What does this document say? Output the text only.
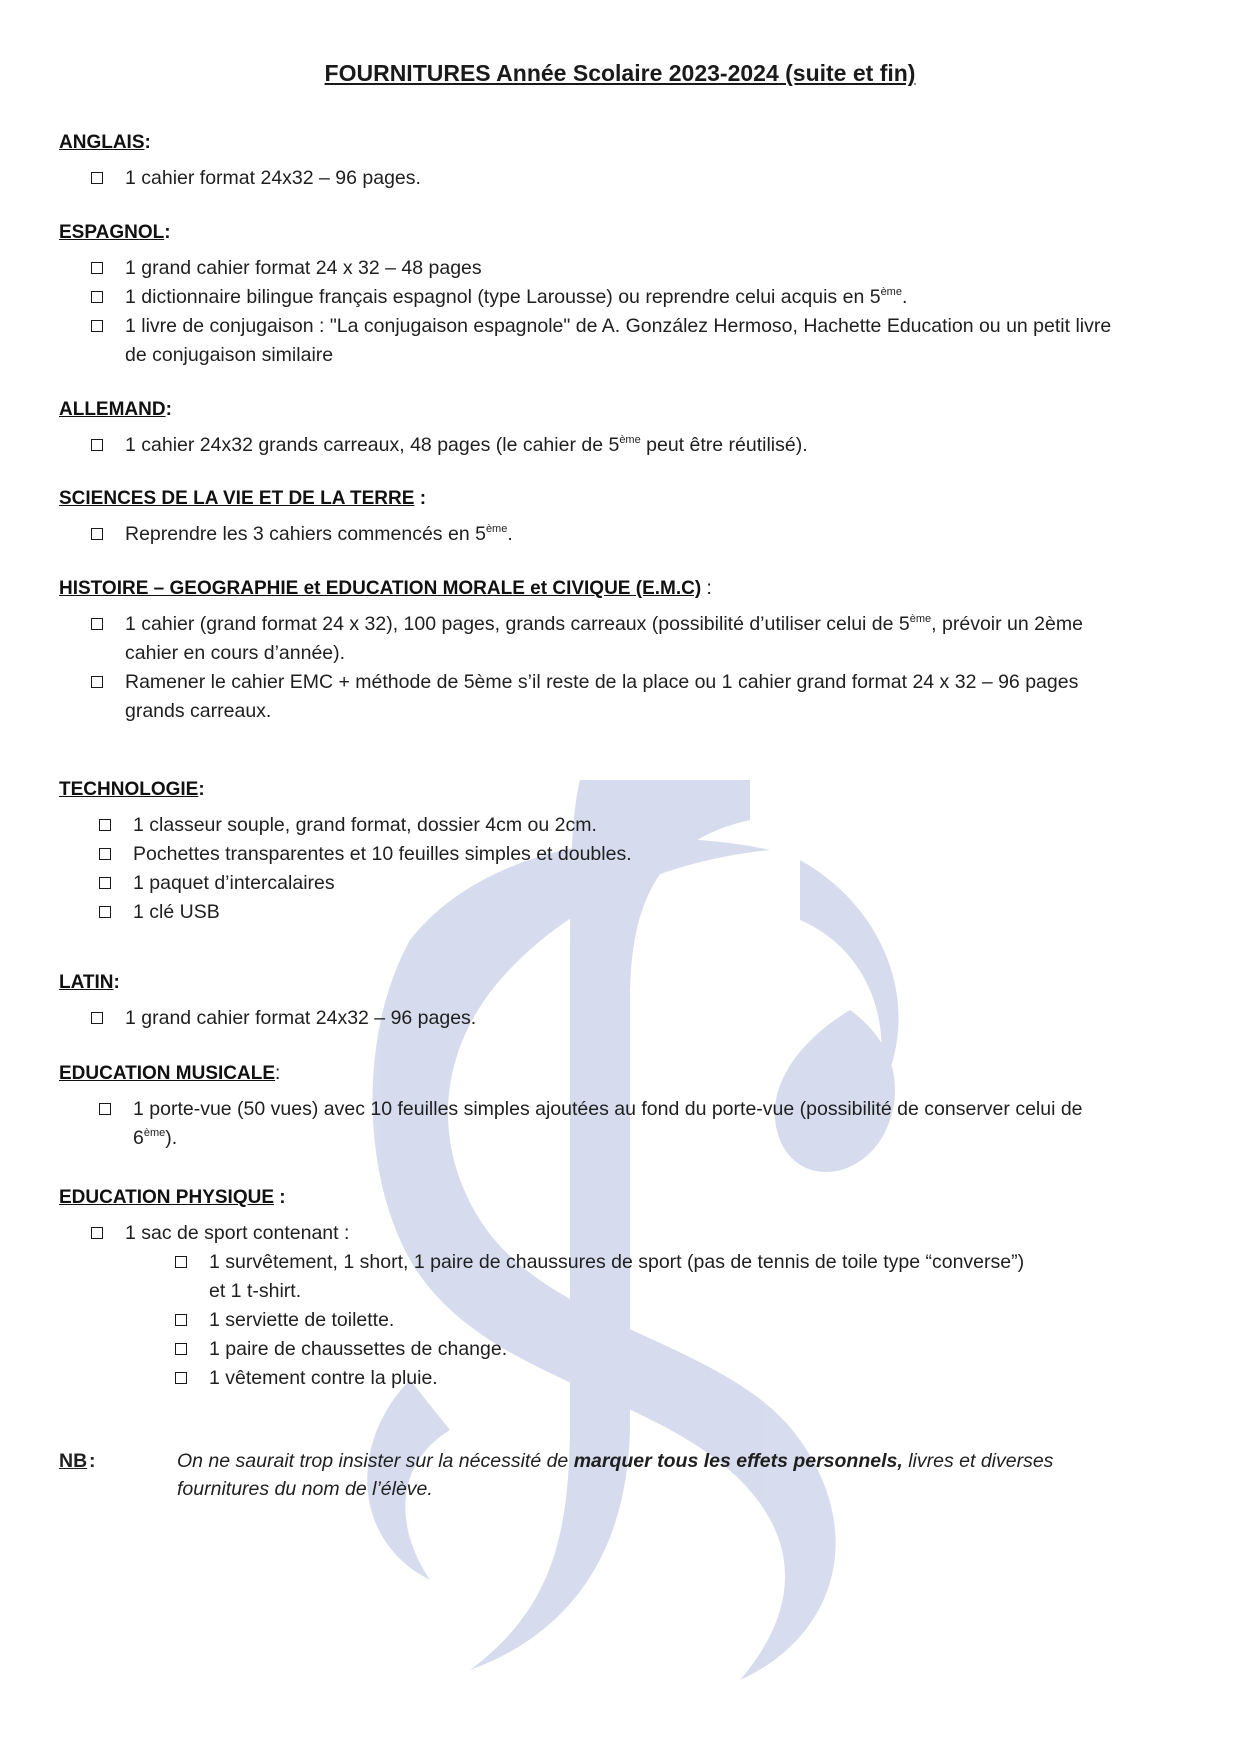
FOURNITURES Année Scolaire 2023-2024 (suite et fin)
ANGLAIS:
1 cahier format 24x32 – 96 pages.
ESPAGNOL:
1 grand cahier format 24 x 32 – 48 pages
1 dictionnaire bilingue français espagnol (type Larousse) ou reprendre celui acquis en 5ème.
1 livre de conjugaison : "La conjugaison espagnole" de A. González Hermoso, Hachette Education ou un petit livre
de conjugaison similaire
ALLEMAND:
1 cahier 24x32 grands carreaux, 48 pages (le cahier de 5ème peut être réutilisé).
SCIENCES DE LA VIE ET DE LA TERRE :
Reprendre les 3 cahiers commencés en 5ème.
HISTOIRE – GEOGRAPHIE et EDUCATION MORALE et CIVIQUE (E.M.C) :
1 cahier (grand format 24 x 32), 100 pages, grands carreaux (possibilité d’utiliser celui de 5ème, prévoir un 2ème
cahier en cours d’année).
Ramener le cahier EMC + méthode de 5ème s’il reste de la place ou 1 cahier grand format 24 x 32 – 96 pages
grands carreaux.
TECHNOLOGIE:
1 classeur souple, grand format, dossier 4cm ou 2cm.
Pochettes transparentes et 10 feuilles simples et doubles.
1 paquet d’intercalaires
1 clé USB
LATIN:
1 grand cahier format 24x32 – 96 pages.
EDUCATION MUSICALE:
1 porte-vue (50 vues) avec 10 feuilles simples ajoutées au fond du porte-vue (possibilité de conserver celui de
6ème).
EDUCATION PHYSIQUE :
1 sac de sport contenant :
1 survêtement, 1 short, 1 paire de chaussures de sport (pas de tennis de toile type “converse”)
et 1 t-shirt.
1 serviette de toilette.
1 paire de chaussettes de change.
1 vêtement contre la pluie.
NB :	On ne saurait trop insister sur la nécessité de marquer tous les effets personnels, livres et diverses
fournitures du nom de l’élève.
